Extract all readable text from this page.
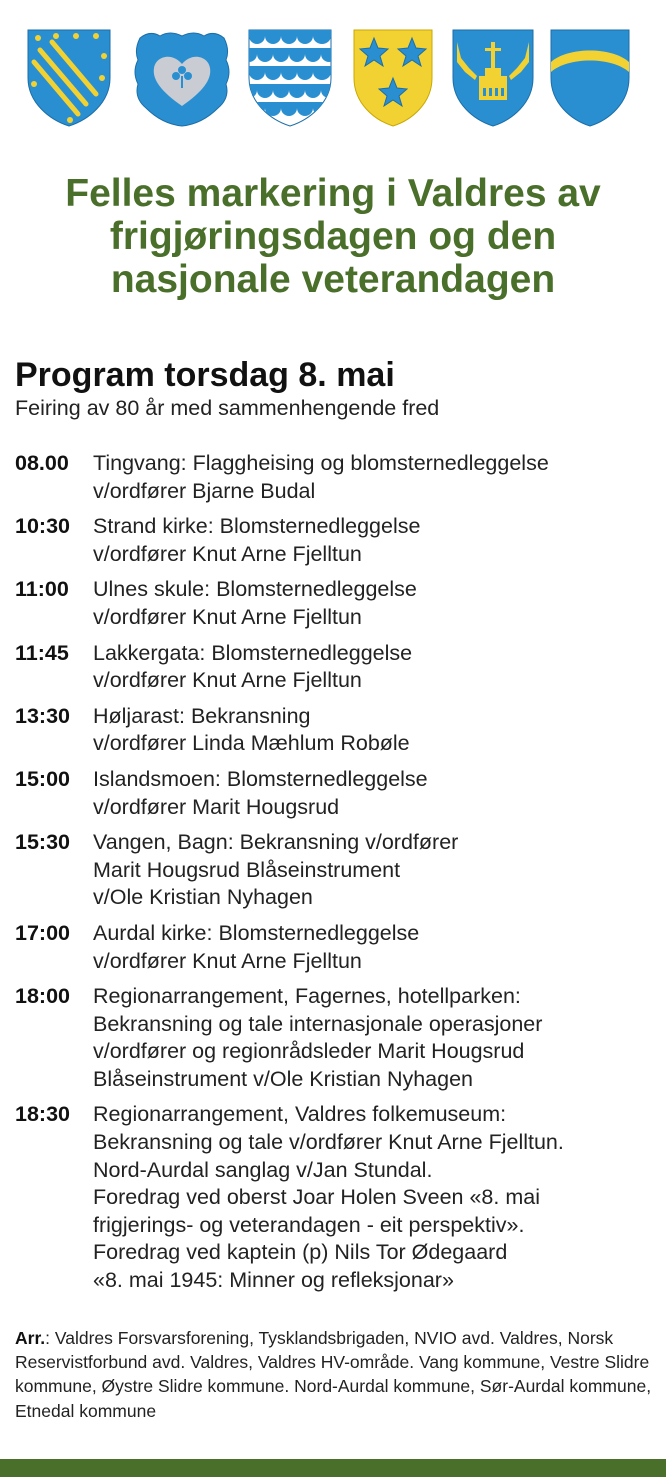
Felles markering i Valdres av frigjøringsdagen og den nasjonale veterandagen
Program torsdag 8. mai
Feiring av 80 år med sammenhengende fred
08.00	Tingvang: Flaggheising og blomsternedleggelse
v/ordfører Bjarne Budal
10:30	Strand kirke: Blomsternedleggelse
v/ordfører Knut Arne Fjelltun
11:00	Ulnes skule: Blomsternedleggelse
v/ordfører Knut Arne Fjelltun
11:45	Lakkergata: Blomsternedleggelse
v/ordfører Knut Arne Fjelltun
13:30	Høljarast: Bekransning
v/ordfører Linda Mæhlum Robøle
15:00	Islandsmoen: Blomsternedleggelse
v/ordfører Marit Hougsrud
15:30	Vangen, Bagn: Bekransning v/ordfører
Marit Hougsrud Blåseinstrument
v/Ole Kristian Nyhagen
17:00	Aurdal kirke: Blomsternedleggelse
v/ordfører Knut Arne Fjelltun
18:00	Regionarrangement, Fagernes, hotellparken:
Bekransning og tale internasjonale operasjoner
v/ordfører og regionrådsleder Marit Hougsrud
Blåseinstrument v/Ole Kristian Nyhagen
18:30	Regionarrangement, Valdres folkemuseum:
Bekransning og tale v/ordfører Knut Arne Fjelltun.
Nord-Aurdal sanglag v/Jan Stundal.
Foredrag ved oberst Joar Holen Sveen «8. mai
frigjerings- og veterandagen - eit perspektiv».
Foredrag ved kaptein (p) Nils Tor Ødegaard
«8. mai 1945: Minner og refleksjonar»
Arr.: Valdres Forsvarsforening, Tysklandsbrigaden, NVIO avd. Valdres, Norsk Reservistforbund avd. Valdres, Valdres HV-område. Vang kommune, Vestre Slidre kommune, Øystre Slidre kommune. Nord-Aurdal kommune, Sør-Aurdal kommune, Etnedal kommune
